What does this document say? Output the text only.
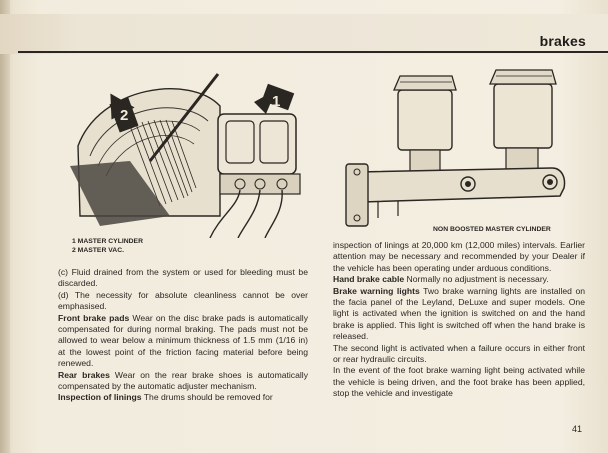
brakes
2
1
1 MASTER CYLINDER
2 MASTER VAC.
NON BOOSTED MASTER CYLINDER

(c) Fluid drained from the system or used for bleeding must be discarded.

(d) The necessity for absolute cleanliness cannot be over emphasised.

Front brake pads Wear on the disc brake pads is automatically compensated for during normal braking. The pads must not be allowed to wear below a minimum thickness of 1.5 mm (1/16 in) at the lowest point of the friction facing material before being renewed.

Rear brakes Wear on the rear brake shoes is automatically compensated by the automatic adjuster mechanism.

Inspection of linings The drums should be removed for

inspection of linings at 20,000 km (12,000 miles) intervals. Earlier attention may be necessary and recommended by your Dealer if the vehicle has been operating under arduous conditions.

Hand brake cable Normally no adjustment is necessary.

Brake warning lights Two brake warning lights are installed on the facia panel of the Leyland, DeLuxe and super models. One light is activated when the ignition is switched on and the hand brake is applied. This light is switched off when the hand brake is released.

The second light is activated when a failure occurs in either front or rear hydraulic circuits.

In the event of the foot brake warning light being activated while the vehicle is being driven, and the foot brake has been applied, stop the vehicle and investigate

41
